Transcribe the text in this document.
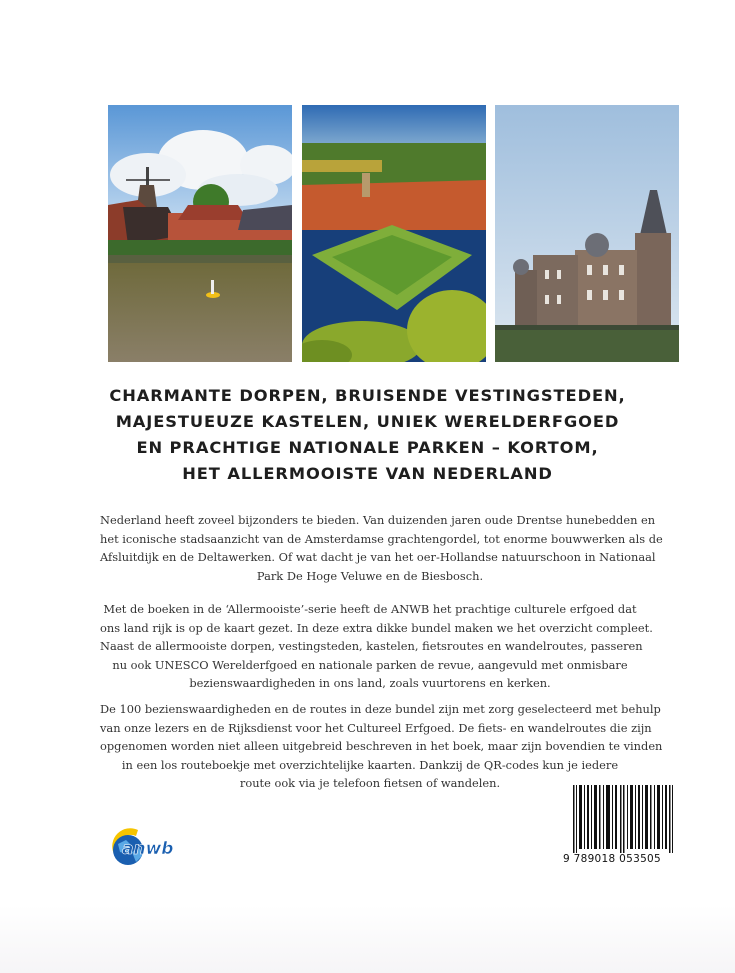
CHARMANTE DORPEN, BRUISENDE VESTINGSTEDEN,
MAJESTUEUZE KASTELEN, UNIEK WERELDERFGOED
EN PRACHTIGE NATIONALE PARKEN – KORTOM,
HET ALLERMOOISTE VAN NEDERLAND
Nederland heeft zoveel bijzonders te bieden. Van duizenden jaren oude Drentse hunebedden en
het iconische stadsaanzicht van de Amsterdamse grachtengordel, tot enorme bouwwerken als de
Afsluitdijk en de Deltawerken. Of wat dacht je van het oer-Hollandse natuurschoon in Nationaal
Park De Hoge Veluwe en de Biesbosch.
Met de boeken in de ‘Allermooiste’-serie heeft de ANWB het prachtige culturele erfgoed dat
ons land rijk is op de kaart gezet. In deze extra dikke bundel maken we het overzicht compleet.
Naast de allermooiste dorpen, vestingsteden, kastelen, fietsroutes en wandelroutes, passeren
nu ook UNESCO Werelderfgoed en nationale parken de revue, aangevuld met onmisbare
bezienswaardigheden in ons land, zoals vuurtorens en kerken.
De 100 bezienswaardigheden en de routes in deze bundel zijn met zorg geselecteerd met behulp
van onze lezers en de Rijksdienst voor het Cultureel Erfgoed. De fiets- en wandelroutes die zijn
opgenomen worden niet alleen uitgebreid beschreven in het boek, maar zijn bovendien te vinden
in een los routeboekje met overzichtelijke kaarten. Dankzij de QR-codes kun je iedere
route ook via je telefoon fietsen of wandelen.
anwb	9 789018 053505
